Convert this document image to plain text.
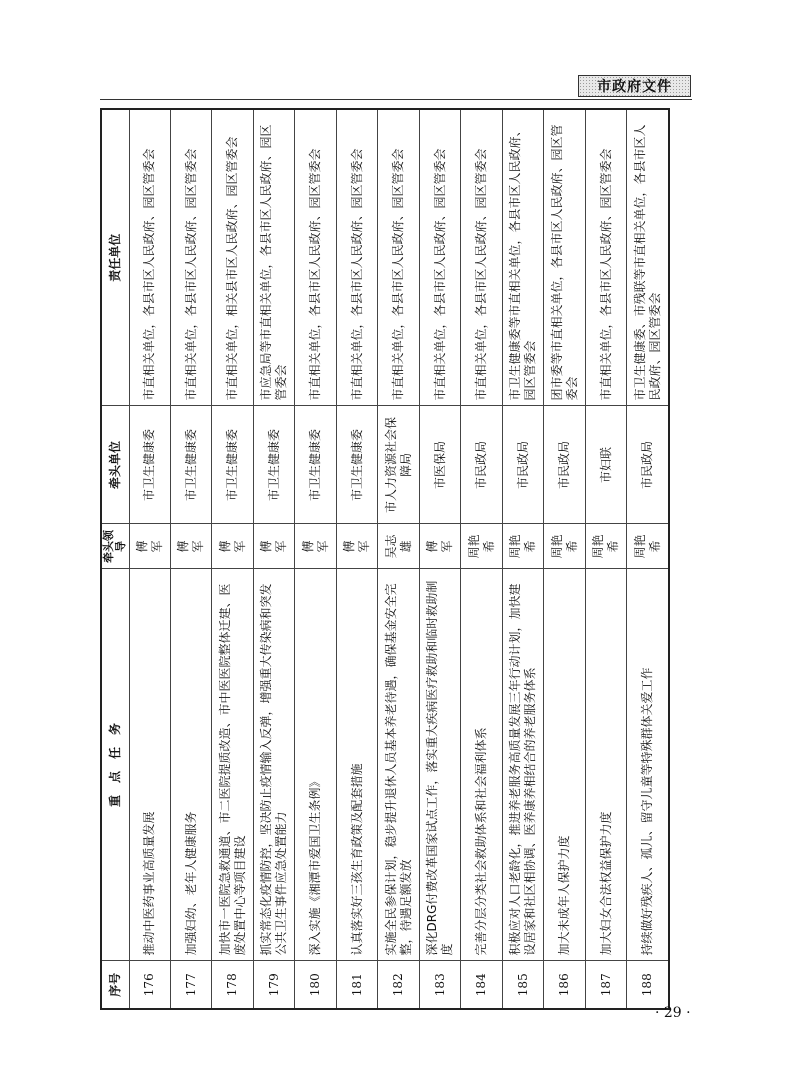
市政府文件
序号	重　点　任　务	牵头领导	牵头单位	责任单位
176	推动中医药事业高质量发展	傅　军	市卫生健康委	市直相关单位，各县市区人民政府、园区管委会
177	加强妇幼、老年人健康服务	傅　军	市卫生健康委	市直相关单位，各县市区人民政府、园区管委会
178	加快市一医院急救通道、市二医院提质改造、市中医医院整体迁建、医废处置中心等项目建设	傅　军	市卫生健康委	市直相关单位，相关县市区人民政府、园区管委会
179	抓实常态化疫情防控，坚决防止疫情输入反弹，增强重大传染病和突发公共卫生事件应急处置能力	傅　军	市卫生健康委	市应急局等市直相关单位，各县市区人民政府、园区管委会
180	深入实施《湘潭市爱国卫生条例》	傅　军	市卫生健康委	市直相关单位，各县市区人民政府、园区管委会
181	认真落实好三孩生育政策及配套措施	傅　军	市卫生健康委	市直相关单位，各县市区人民政府、园区管委会
182	实施全民参保计划，稳步提升退休人员基本养老待遇，确保基金安全完整，待遇足额发放	吴志雄	市人力资源社会保障局	市直相关单位，各县市区人民政府、园区管委会
183	深化DRG付费改革国家试点工作，落实重大疾病医疗救助和临时救助制度	傅　军	市医保局	市直相关单位，各县市区人民政府、园区管委会
184	完善分层分类社会救助体系和社会福利体系	周艳希	市民政局	市直相关单位，各县市区人民政府、园区管委会
185	积极应对人口老龄化，推进养老服务高质量发展三年行动计划，加快建设居家和社区相协调、医养康养相结合的养老服务体系	周艳希	市民政局	市卫生健康委等市直相关单位，各县市区人民政府、园区管委会
186	加大未成年人保护力度	周艳希	市民政局	团市委等市直相关单位，各县市区人民政府、园区管委会
187	加大妇女合法权益保护力度	周艳希	市妇联	市直相关单位，各县市区人民政府、园区管委会
188	持续做好残疾人、孤儿、留守儿童等特殊群体关爱工作	周艳希	市民政局	市卫生健康委、市残联等市直相关单位，各县市区人民政府、园区管委会
· 29 ·
